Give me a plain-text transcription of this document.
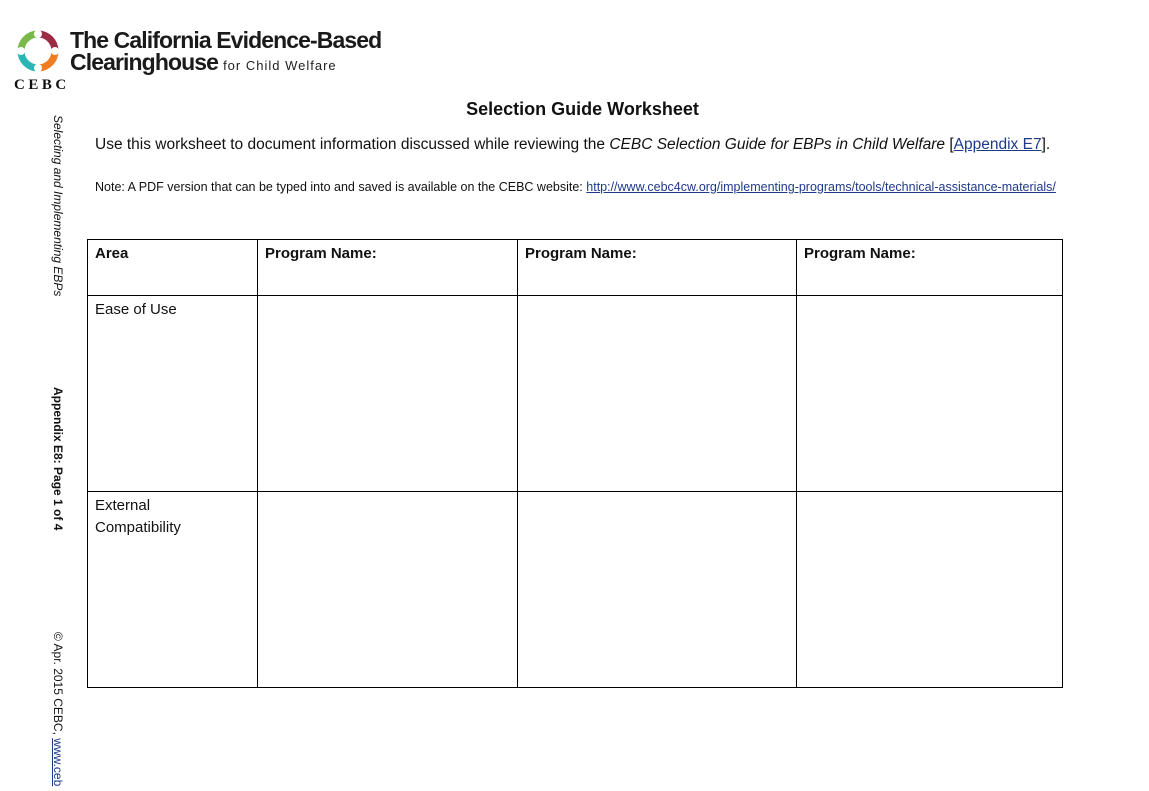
The California Evidence-Based
Clearinghouse for Child Welfare
CEBC
Selecting and Implementing EBPs
Appendix E8: Page 1 of 4
© Apr. 2015 CEBC, www.ceb
Selection Guide Worksheet
Use this worksheet to document information discussed while reviewing the CEBC Selection Guide for EBPs in Child Welfare [Appendix E7].
Note: A PDF version that can be typed into and saved is available on the CEBC website: http://www.cebc4cw.org/implementing-programs/tools/technical-assistance-materials/
Area	Program Name:	Program Name:	Program Name:
Ease of Use			
External Compatibility			
